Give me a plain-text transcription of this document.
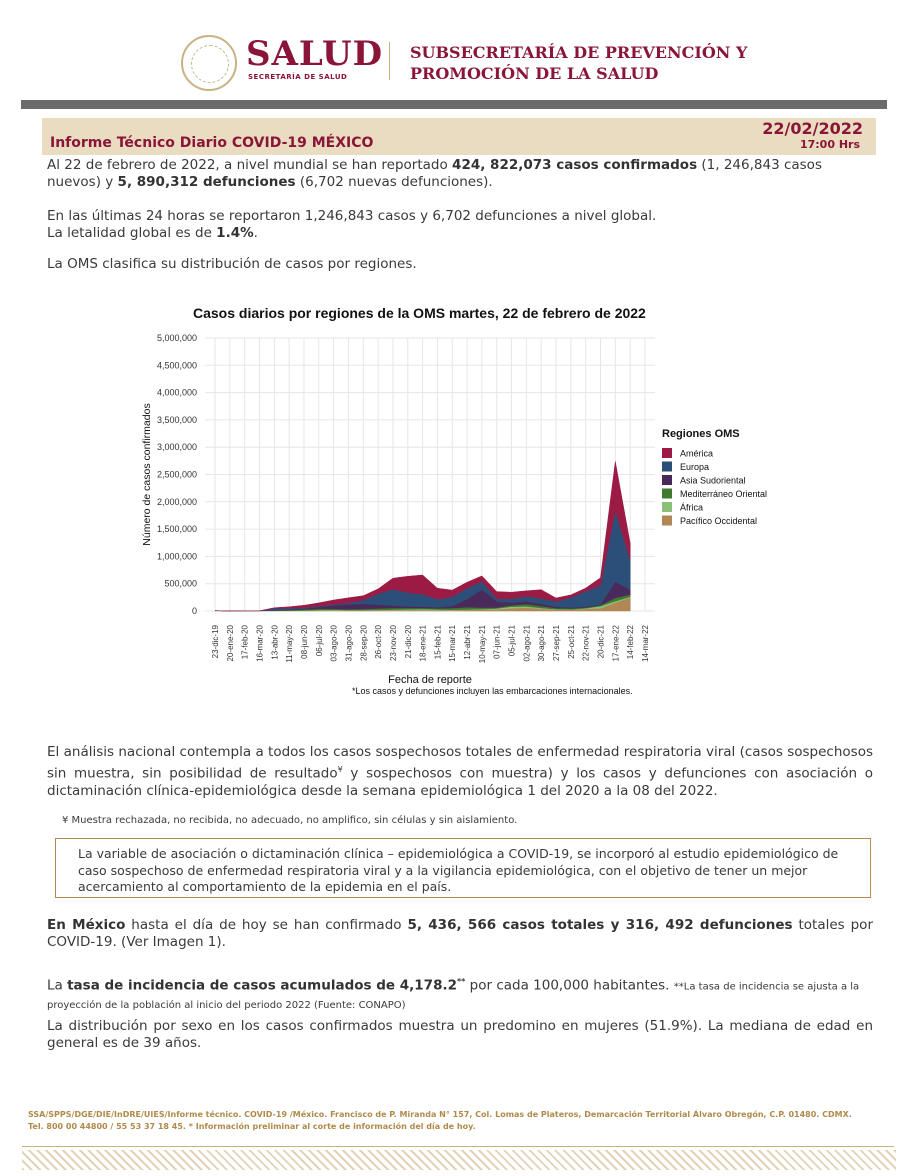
SALUD
SECRETARÍA DE SALUD
SUBSECRETARÍA DE PREVENCIÓN Y
PROMOCIÓN DE LA SALUD
Informe Técnico Diario COVID-19 MÉXICO
22/02/2022
17:00 Hrs
Al 22 de febrero de 2022, a nivel mundial se han reportado 424, 822,073 casos confirmados (1, 246,843 casos nuevos) y 5, 890,312 defunciones (6,702 nuevas defunciones).
En las últimas 24 horas se reportaron 1,246,843 casos y 6,702 defunciones a nivel global.
La letalidad global es de 1.4%.
La OMS clasifica su distribución de casos por regiones.
Casos diarios por regiones de la OMS martes, 22 de febrero de 2022
0
500,000
1,000,000
1,500,000
2,000,000
2,500,000
3,000,000
3,500,000
4,000,000
4,500,000
5,000,000
23-dic-19 20-ene-20 17-feb-20 16-mar-20 13-abr-20 11-may-20 08-jun-20 06-jul-20 03-ago-20 31-ago-20 28-sep-20 26-oct-20 23-nov-20 21-dic-20 18-ene-21 15-feb-21 15-mar-21 12-abr-21 10-may-21 07-jun-21 05-jul-21 02-ago-21 30-ago-21 27-sep-21 25-oct-21 22-nov-21 20-dic-21 17-ene-22 14-feb-22 14-mar-22
Número de casos confirmados
Fecha de reporte
Regiones OMS
América
Europa
Asia Sudoriental
Mediterráneo Oriental
África
Pacífico Occidental
*Los casos y defunciones incluyen las embarcaciones internacionales.
El análisis nacional contempla a todos los casos sospechosos totales de enfermedad respiratoria viral (casos sospechosos sin muestra, sin posibilidad de resultado¥ y sospechosos con muestra) y los casos y defunciones con asociación o dictaminación clínica-epidemiológica desde la semana epidemiológica 1 del 2020 a la 08 del 2022.
¥ Muestra rechazada, no recibida, no adecuado, no amplifico, sin células y sin aislamiento.
La variable de asociación o dictaminación clínica – epidemiológica a COVID-19, se incorporó al estudio epidemiológico de caso sospechoso de enfermedad respiratoria viral y a la vigilancia epidemiológica, con el objetivo de tener un mejor acercamiento al comportamiento de la epidemia en el país.
En México hasta el día de hoy se han confirmado 5, 436, 566 casos totales y 316, 492 defunciones totales por COVID-19. (Ver Imagen 1).
La tasa de incidencia de casos acumulados de 4,178.2** por cada 100,000 habitantes. **La tasa de incidencia se ajusta a la proyección de la población al inicio del periodo 2022 (Fuente: CONAPO)
La distribución por sexo en los casos confirmados muestra un predomino en mujeres (51.9%). La mediana de edad en general es de 39 años.
SSA/SPPS/DGE/DIE/InDRE/UIES/Informe técnico. COVID-19 /México. Francisco de P. Miranda N° 157, Col. Lomas de Plateros, Demarcación Territorial Álvaro Obregón, C.P. 01480. CDMX.
Tel. 800 00 44800 / 55 53 37 18 45. * Información preliminar al corte de información del día de hoy.
